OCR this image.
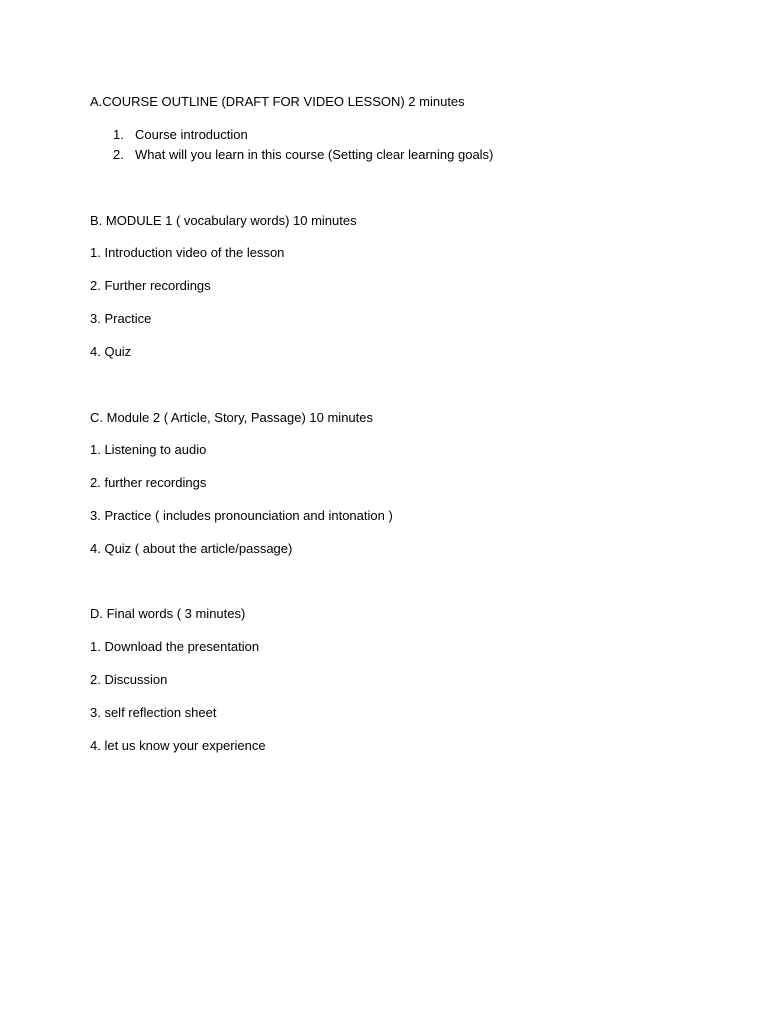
A.COURSE OUTLINE (DRAFT FOR VIDEO LESSON) 2 minutes
1. Course introduction
2. What will you learn in this course (Setting clear learning goals)
B. MODULE 1 ( vocabulary words) 10 minutes
1. Introduction video of the lesson
2. Further recordings
3. Practice
4. Quiz
C. Module 2 ( Article, Story, Passage) 10 minutes
1. Listening to audio
2. further recordings
3. Practice ( includes pronounciation and intonation )
4. Quiz ( about the article/passage)
D. Final words ( 3 minutes)
1. Download the presentation
2. Discussion
3. self reflection sheet
4. let us know your experience
